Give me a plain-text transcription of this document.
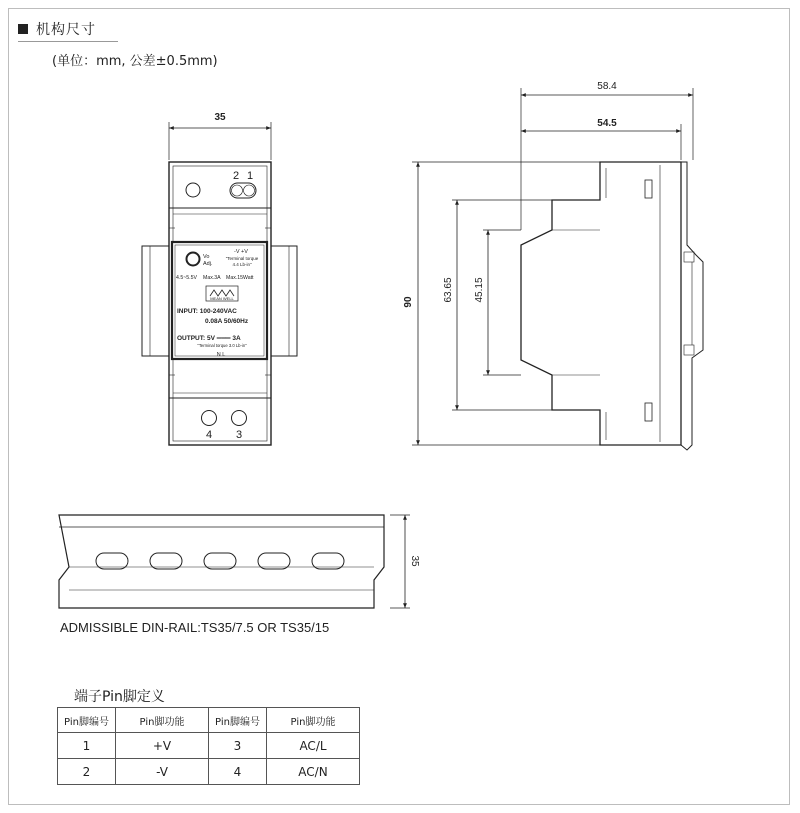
机构尺寸
(单位：mm, 公差±0.5mm)
35
2 1
4 3
Vo
Adj.
-V +V
"Terminal torque
4.4 Lb-in"
4.5~5.5V Max.3A Max.15Watt
MEAN WELL
INPUT: 100-240VAC
0.08A 50/60Hz
OUTPUT: 5V ═══ 3A
"Terminal torque 3.0 Lb-in"
N L
58.4
54.5
90	63.65 45.15
35
ADMISSIBLE DIN-RAIL:TS35/7.5 OR TS35/15
端子Pin脚定义
Pin脚编号	Pin脚功能	Pin脚编号	Pin脚功能
1	+V	3	AC/L
2	-V	4	AC/N
